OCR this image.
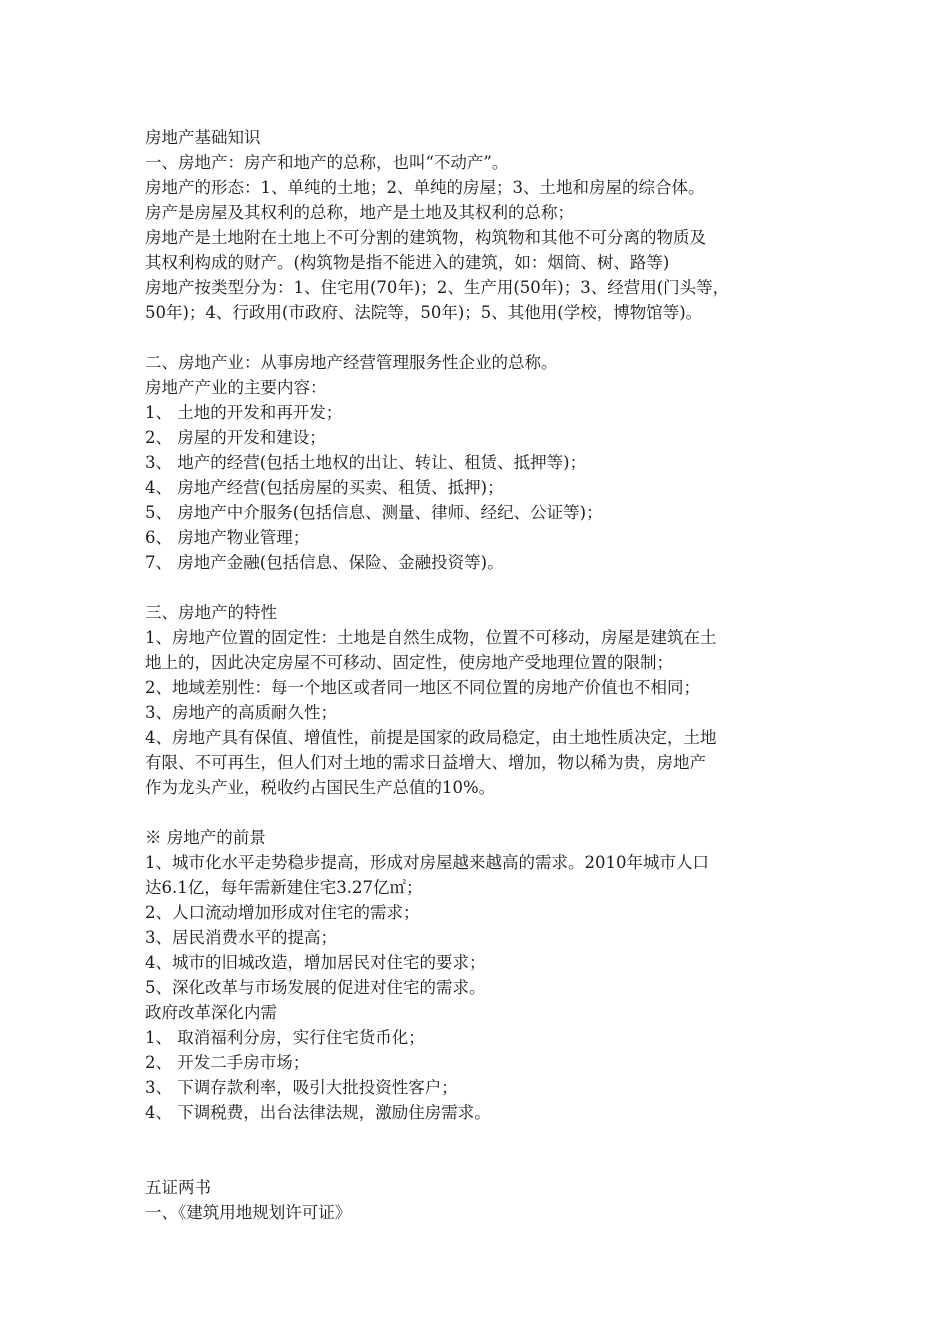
房地产基础知识
一、房地产：房产和地产的总称，也叫“不动产”。
房地产的形态：1、单纯的土地；2、单纯的房屋；3、土地和房屋的综合体。
房产是房屋及其权利的总称，地产是土地及其权利的总称；
房地产是土地附在土地上不可分割的建筑物，构筑物和其他不可分离的物质及
其权利构成的财产。(构筑物是指不能进入的建筑，如：烟筒、树、路等)
房地产按类型分为：1、住宅用(70年)；2、生产用(50年)；3、经营用(门头等，
50年)；4、行政用(市政府、法院等，50年)；5、其他用(学校，博物馆等)。
二、房地产业：从事房地产经营管理服务性企业的总称。
房地产产业的主要内容：
1、 土地的开发和再开发；
2、 房屋的开发和建设；
3、 地产的经营(包括土地权的出让、转让、租赁、抵押等)；
4、 房地产经营(包括房屋的买卖、租赁、抵押)；
5、 房地产中介服务(包括信息、测量、律师、经纪、公证等)；
6、 房地产物业管理；
7、 房地产金融(包括信息、保险、金融投资等)。
三、房地产的特性
1、房地产位置的固定性：土地是自然生成物，位置不可移动，房屋是建筑在土
地上的，因此决定房屋不可移动、固定性，使房地产受地理位置的限制；
2、地域差别性：每一个地区或者同一地区不同位置的房地产价值也不相同；
3、房地产的高质耐久性；
4、房地产具有保值、增值性，前提是国家的政局稳定，由土地性质决定，土地
有限、不可再生，但人们对土地的需求日益增大、增加，物以稀为贵，房地产
作为龙头产业，税收约占国民生产总值的10%。
※ 房地产的前景
1、城市化水平走势稳步提高，形成对房屋越来越高的需求。2010年城市人口
达6.1亿，每年需新建住宅3.27亿㎡；
2、人口流动增加形成对住宅的需求；
3、居民消费水平的提高；
4、城市的旧城改造，增加居民对住宅的要求；
5、深化改革与市场发展的促进对住宅的需求。
政府改革深化内需
1、 取消福利分房，实行住宅货币化；
2、 开发二手房市场；
3、 下调存款利率，吸引大批投资性客户；
4、 下调税费，出台法律法规，激励住房需求。
五证两书
一、《建筑用地规划许可证》
